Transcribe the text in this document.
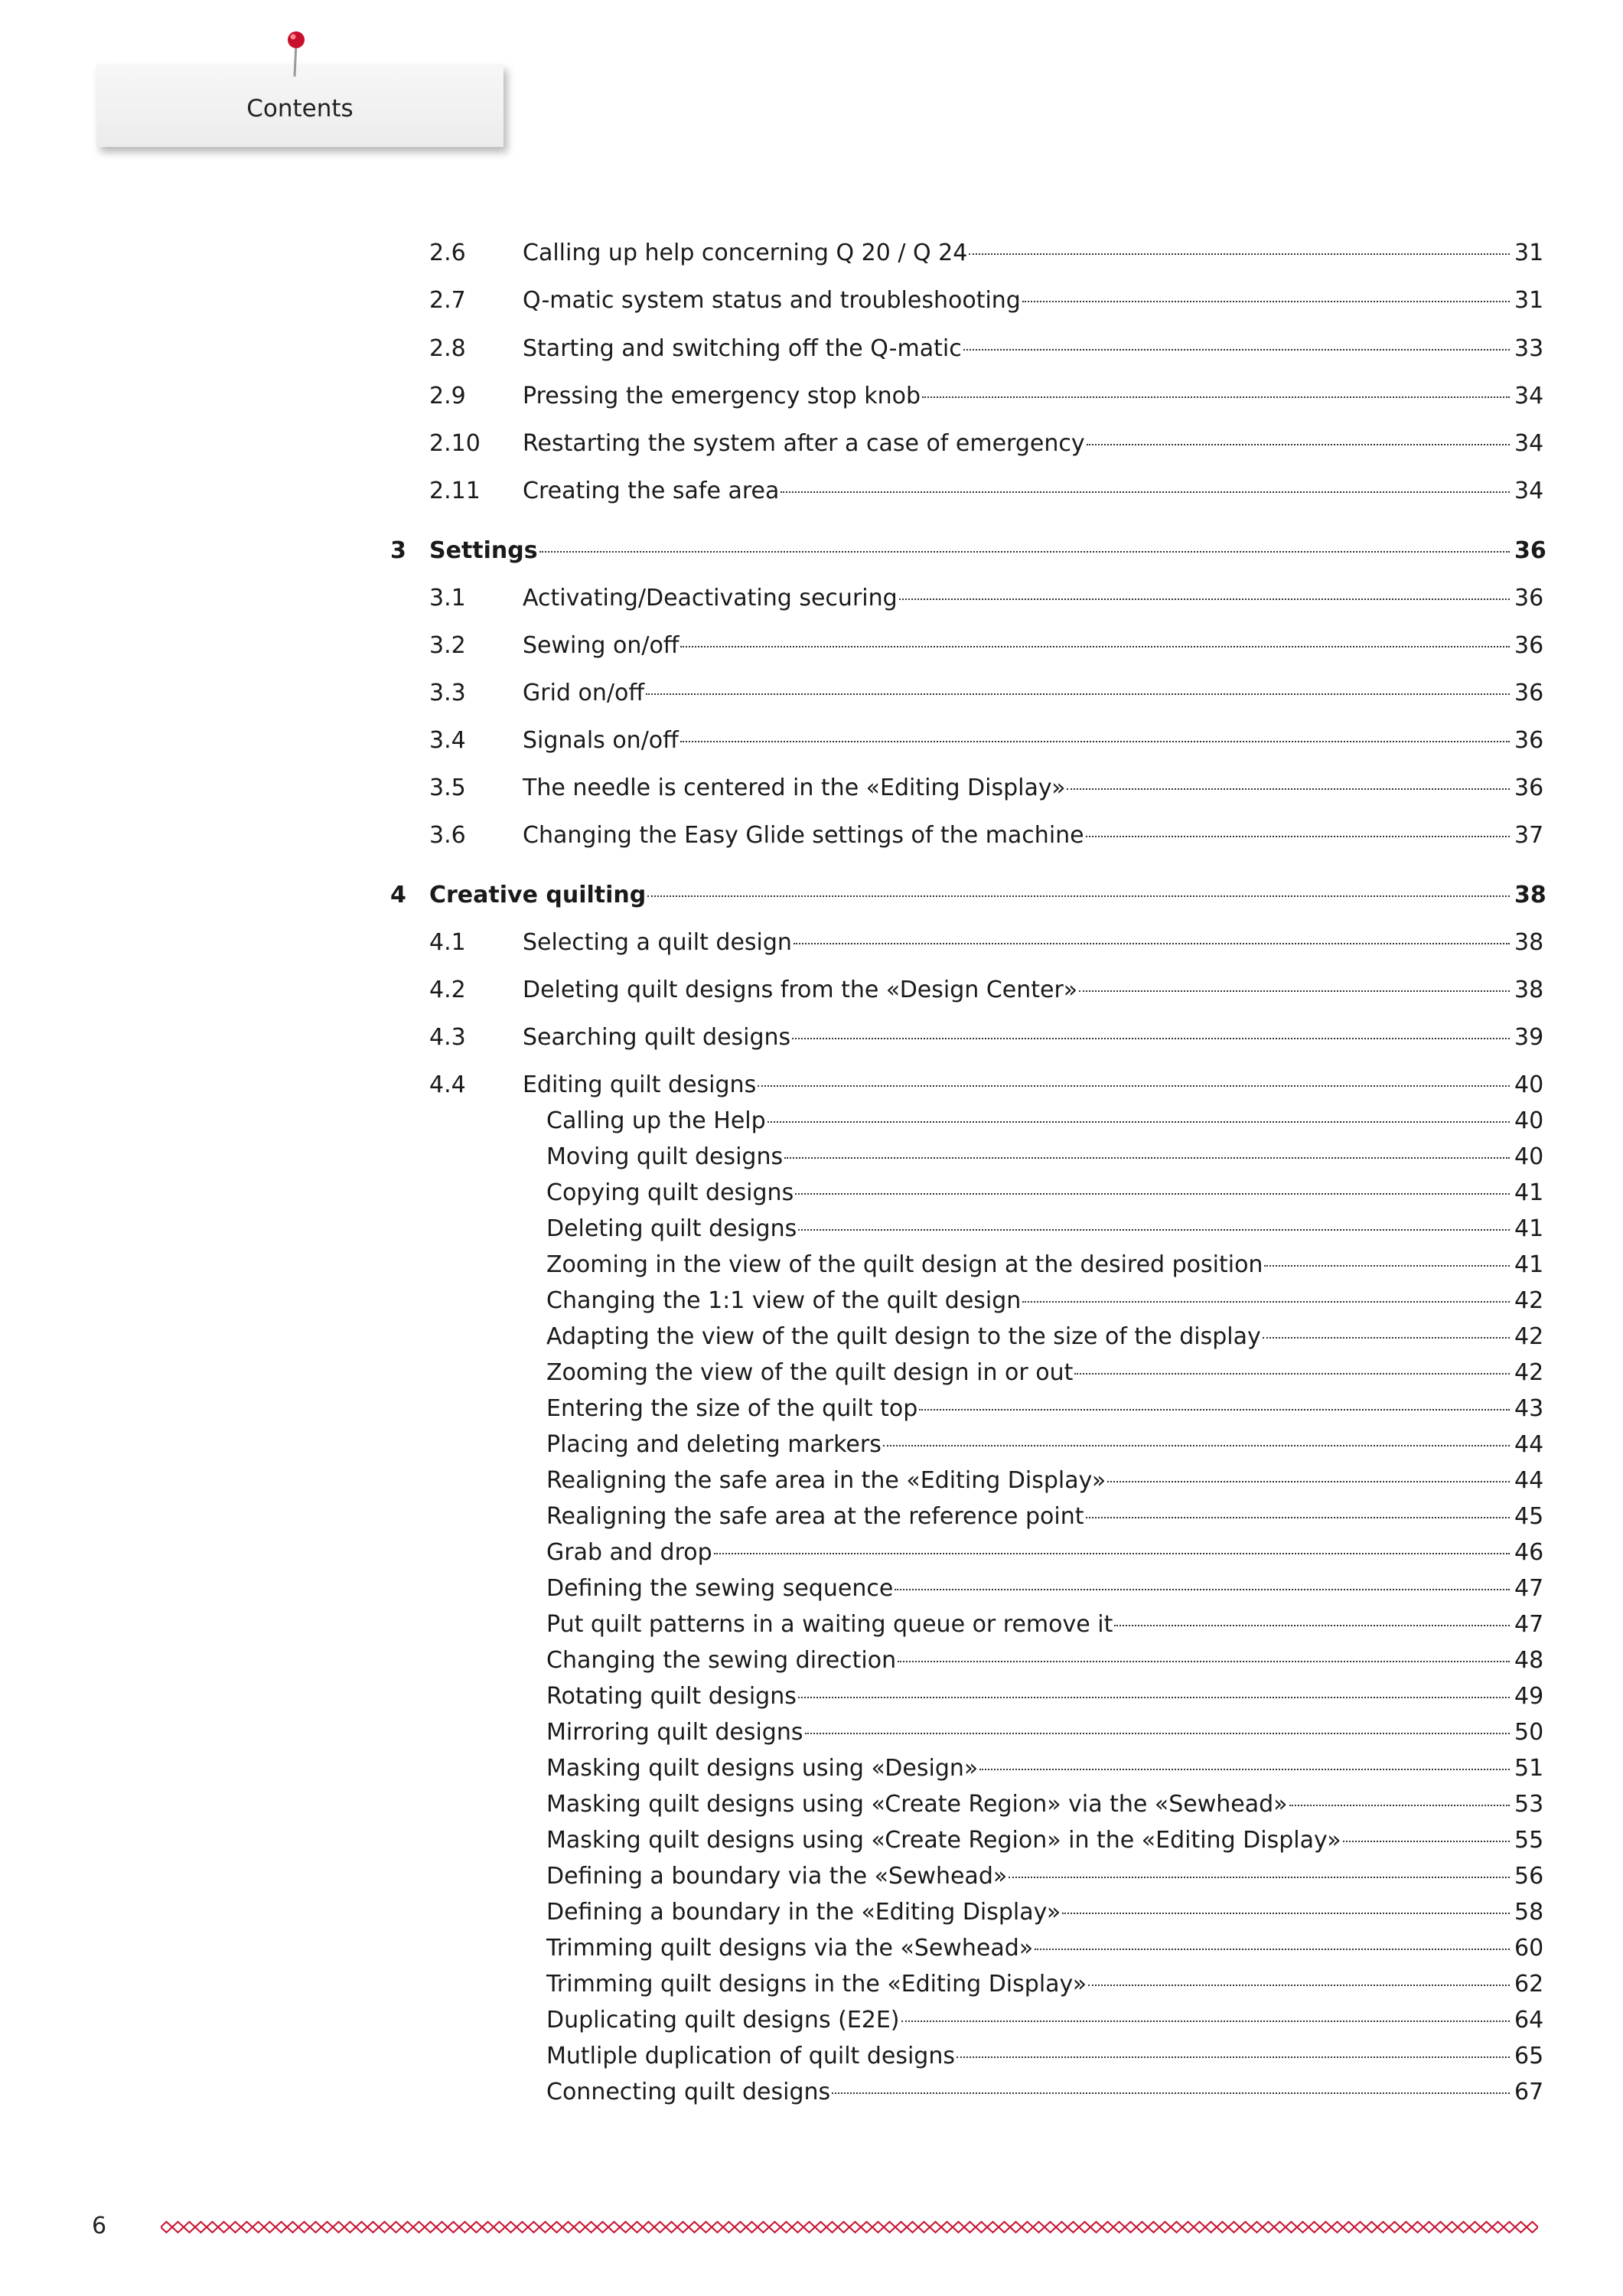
Contents
2.6 Calling up help concerning Q 20 / Q 24	31
2.7 Q-matic system status and troubleshooting	31
2.8 Starting and switching off the Q-matic	33
2.9 Pressing the emergency stop knob	34
2.10 Restarting the system after a case of emergency	34
2.11 Creating the safe area	34
3 Settings	36
3.1 Activating/Deactivating securing	36
3.2 Sewing on/off	36
3.3 Grid on/off	36
3.4 Signals on/off	36
3.5 The needle is centered in the «Editing Display»	36
3.6 Changing the Easy Glide settings of the machine	37
4 Creative quilting	38
4.1 Selecting a quilt design	38
4.2 Deleting quilt designs from the «Design Center»	38
4.3 Searching quilt designs	39
4.4 Editing quilt designs	40
Calling up the Help	40
Moving quilt designs	40
Copying quilt designs	41
Deleting quilt designs	41
Zooming in the view of the quilt design at the desired position	41
Changing the 1:1 view of the quilt design	42
Adapting the view of the quilt design to the size of the display	42
Zooming the view of the quilt design in or out	42
Entering the size of the quilt top	43
Placing and deleting markers	44
Realigning the safe area in the «Editing Display»	44
Realigning the safe area at the reference point	45
Grab and drop	46
Defining the sewing sequence	47
Put quilt patterns in a waiting queue or remove it	47
Changing the sewing direction	48
Rotating quilt designs	49
Mirroring quilt designs	50
Masking quilt designs using «Design»	51
Masking quilt designs using «Create Region» via the «Sewhead»	53
Masking quilt designs using «Create Region» in the «Editing Display»	55
Defining a boundary via the «Sewhead»	56
Defining a boundary in the «Editing Display»	58
Trimming quilt designs via the «Sewhead»	60
Trimming quilt designs in the «Editing Display»	62
Duplicating quilt designs (E2E)	64
Mutliple duplication of quilt designs	65
Connecting quilt designs	67
6
